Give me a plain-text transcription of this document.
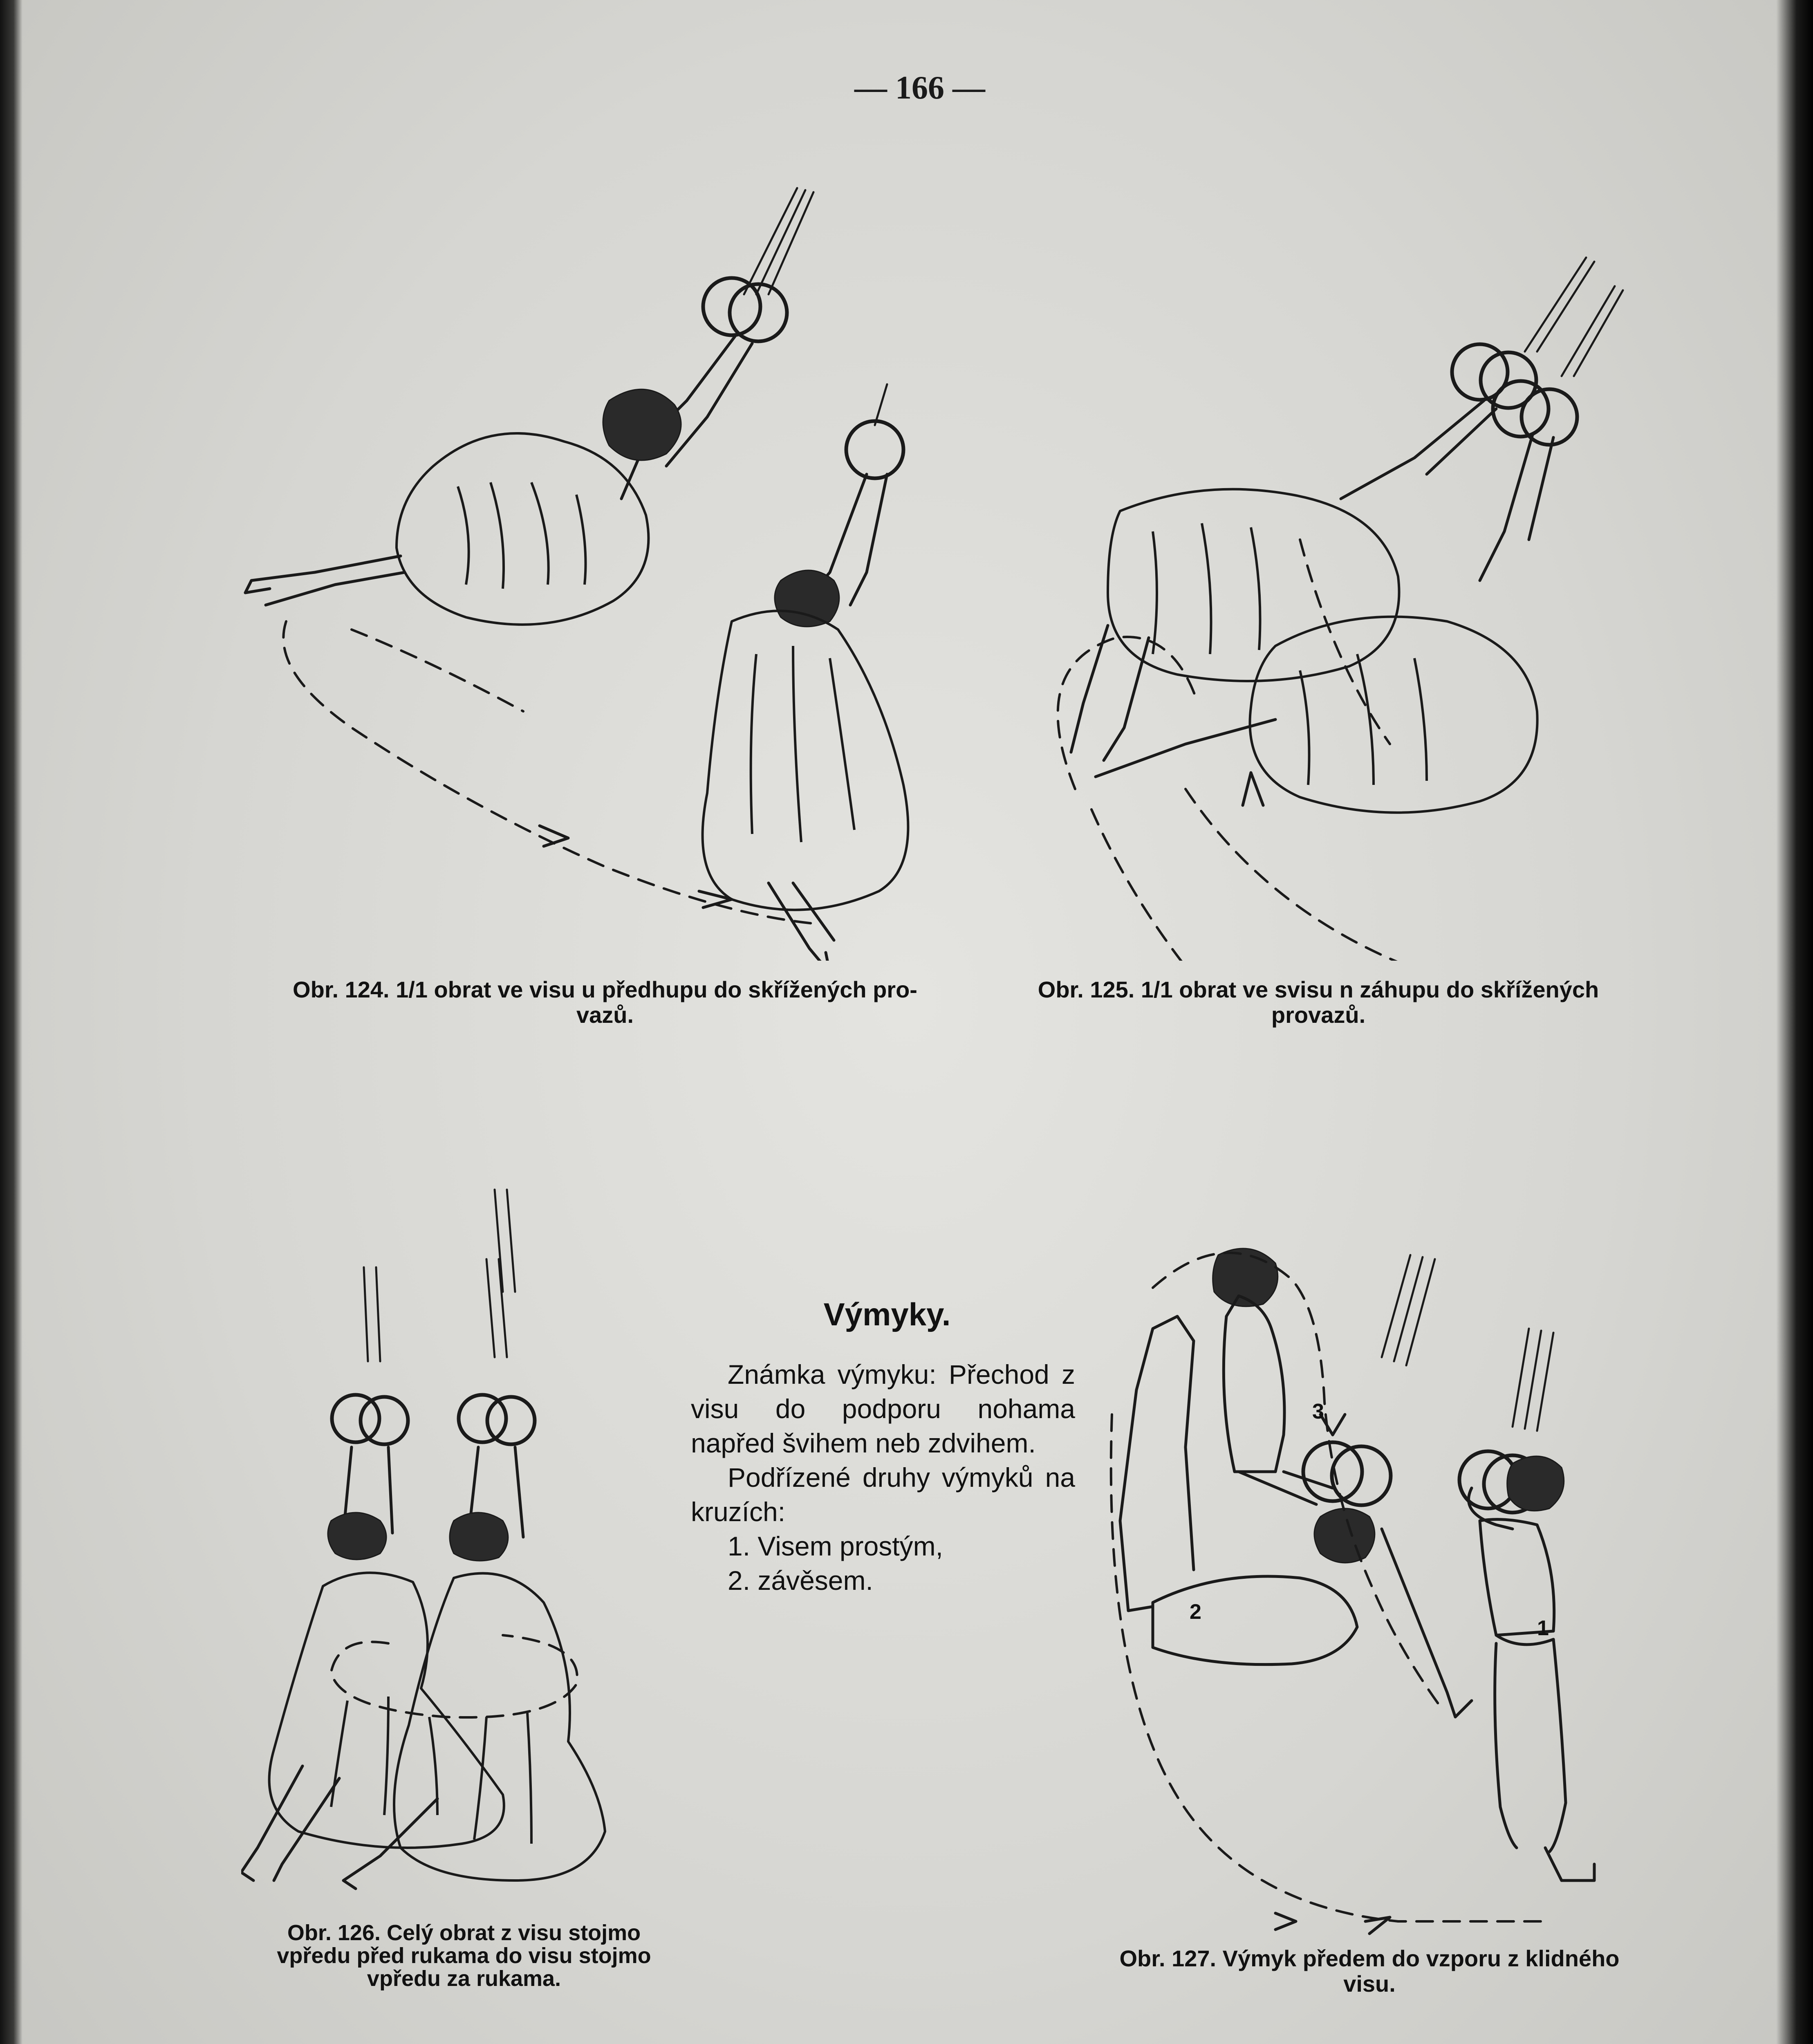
— 166 —
Obr. 124. 1/1 obrat ve visu u předhupu do skřížených pro-
vazů.
Obr. 125. 1/1 obrat ve svisu n záhupu do skřížených
provazů.
Obr. 126. Celý obrat z visu stojmo
vpředu před rukama do visu stojmo
vpředu za rukama.
Výmyky.

Známka výmyku: Přechod z visu do podporu nohama napřed švihem neb zdvihem.

Podřízené druhy výmyků na kruzích:

1. Visem prostým,
2. závěsem.
3
2
1
Obr. 127. Výmyk předem do vzporu z klidného
visu.
